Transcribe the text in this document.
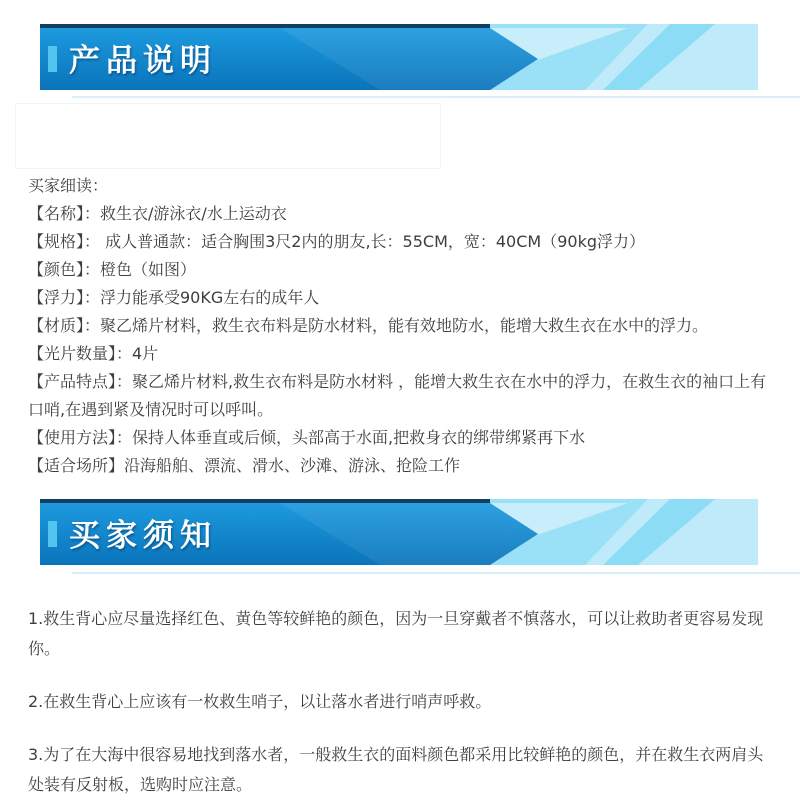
产品说明

买家细读：

【名称】：救生衣/游泳衣/水上运动衣

【规格】： 成人普通款：适合胸围3尺2内的朋友,长：55CM，宽：40CM（90kg浮力）

【颜色】：橙色（如图）

【浮力】：浮力能承受90KG左右的成年人

【材质】：聚乙烯片材料，救生衣布料是防水材料，能有效地防水，能增大救生衣在水中的浮力。

【光片数量】：4片

【产品特点】：聚乙烯片材料,救生衣布料是防水材料 ，能增大救生衣在水中的浮力，在救生衣的袖口上有口哨,在遇到紧及情况时可以呼叫。

【使用方法】：保持人体垂直或后倾，头部高于水面,把救身衣的绑带绑紧再下水

【适合场所】沿海船舶、漂流、滑水、沙滩、游泳、抢险工作

买家须知

1.救生背心应尽量选择红色、黄色等较鲜艳的颜色，因为一旦穿戴者不慎落水，可以让救助者更容易发现你。

2.在救生背心上应该有一枚救生哨子，以让落水者进行哨声呼救。

3.为了在大海中很容易地找到落水者，一般救生衣的面料颜色都采用比较鲜艳的颜色，并在救生衣两肩头处装有反射板，选购时应注意。
